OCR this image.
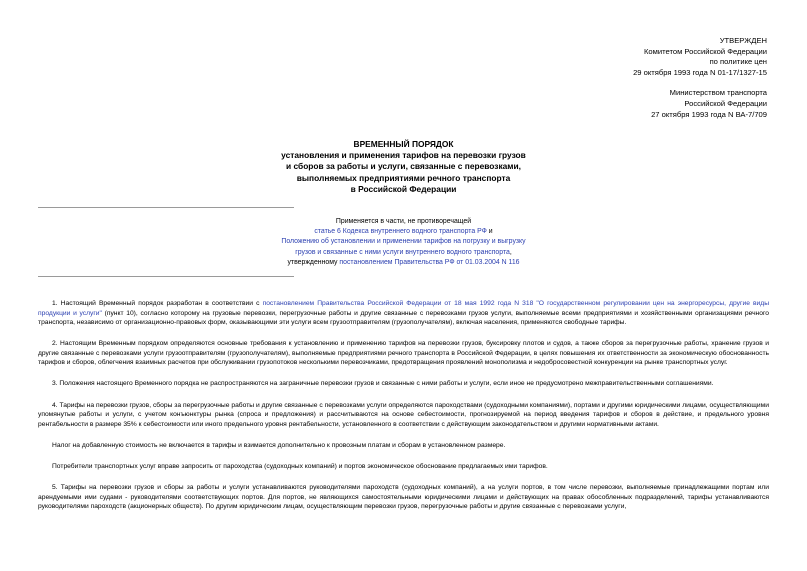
УТВЕРЖДЕН
Комитетом Российской Федерации
по политике цен
29 октября 1993 года N 01-17/1327-15
Министерством транспорта
Российской Федерации
27 октября 1993 года N ВА-7/709
ВРЕМЕННЫЙ ПОРЯДОК
установления и применения тарифов на перевозки грузов
и сборов за работы и услуги, связанные с перевозками,
выполняемых предприятиями речного транспорта
в Российской Федерации
Применяется в части, не противоречащей
статье 6 Кодекса внутреннего водного транспорта РФ и
Положению об установлении и применении тарифов на погрузку и выгрузку
грузов и связанные с ними услуги внутреннего водного транспорта,
утвержденному постановлением Правительства РФ от 01.03.2004 N 116

1. Настоящий Временный порядок разработан в соответствии с постановлением Правительства Российской Федерации от 18 мая 1992 года N 318 "О государственном регулировании цен на энергоресурсы, другие виды продукции и услуги" (пункт 10), согласно которому на грузовые перевозки, перегрузочные работы и другие связанные с перевозками грузов услуги, выполняемые всеми предприятиями и хозяйственными организациями речного транспорта, независимо от организационно-правовых форм, оказывающими эти услуги всем грузоотправителям (грузополучателям), включая населения, применяются свободные тарифы.

2. Настоящим Временным порядком определяются основные требования к установлению и применению тарифов на перевозки грузов, буксировку плотов и судов, а также сборов за перегрузочные работы, хранение грузов и другие связанные с перевозками услуги грузоотправителям (грузополучателям), выполняемые предприятиями речного транспорта в Российской Федерации, в целях повышения их ответственности за экономическую обоснованность тарифов и сборов, облегчения взаимных расчетов при обслуживании грузопотоков несколькими перевозчиками, предотвращения проявлений монополизма и недобросовестной конкуренции на рынке транспортных услуг.

3. Положения настоящего Временного порядка не распространяются на заграничные перевозки грузов и связанные с ними работы и услуги, если иное не предусмотрено межправительственными соглашениями.

4. Тарифы на перевозки грузов, сборы за перегрузочные работы и другие связанные с перевозками услуги определяются пароходствами (судоходными компаниями), портами и другими юридическими лицами, осуществляющими упомянутые работы и услуги, с учетом конъюнктуры рынка (спроса и предложения) и рассчитываются на основе себестоимости, прогнозируемой на период введения тарифов и сборов в действие, и предельного уровня рентабельности в размере 35% к себестоимости или иного предельного уровня рентабельности, установленного в соответствии с действующим законодательством и другими нормативными актами.

Налог на добавленную стоимость не включается в тарифы и взимается дополнительно к провозным платам и сборам в установленном размере.

Потребители транспортных услуг вправе запросить от пароходства (судоходных компаний) и портов экономическое обоснование предлагаемых ими тарифов.

5. Тарифы на перевозки грузов и сборы за работы и услуги устанавливаются руководителями пароходств (судоходных компаний), а на услуги портов, в том числе перевозки, выполняемые принадлежащими портам или арендуемыми ими судами - руководителями соответствующих портов. Для портов, не являющихся самостоятельными юридическими лицами и действующих на правах обособленных подразделений, тарифы устанавливаются руководителями пароходств (акционерных обществ). По другим юридическим лицам, осуществляющим перевозки грузов, перегрузочные работы и другие связанные с перевозками услуги,
